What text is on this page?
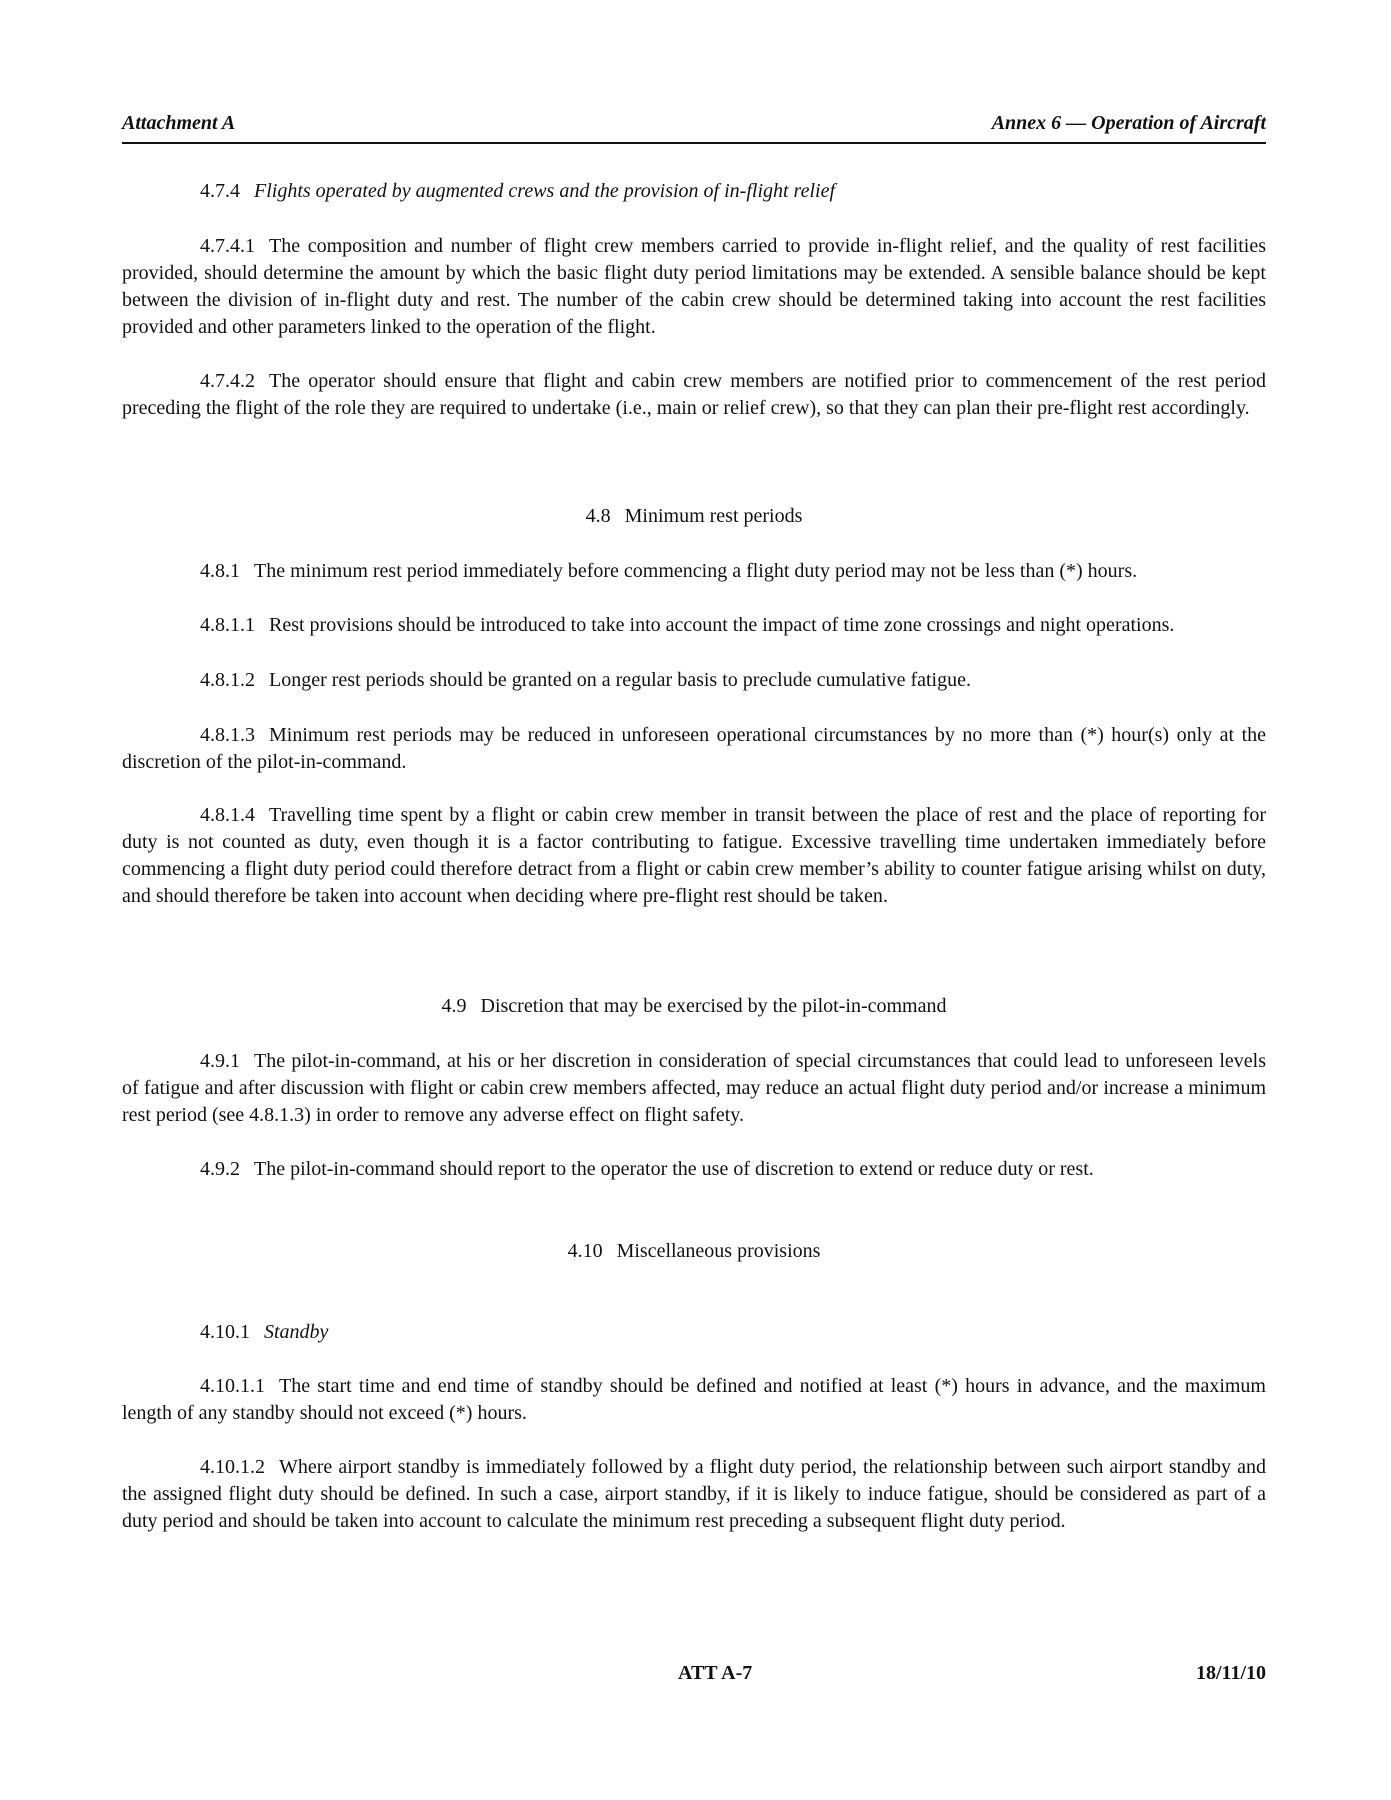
Attachment A	Annex 6 — Operation of Aircraft
4.7.4 Flights operated by augmented crews and the provision of in-flight relief
4.7.4.1 The composition and number of flight crew members carried to provide in-flight relief, and the quality of rest facilities provided, should determine the amount by which the basic flight duty period limitations may be extended. A sensible balance should be kept between the division of in-flight duty and rest. The number of the cabin crew should be determined taking into account the rest facilities provided and other parameters linked to the operation of the flight.
4.7.4.2 The operator should ensure that flight and cabin crew members are notified prior to commencement of the rest period preceding the flight of the role they are required to undertake (i.e., main or relief crew), so that they can plan their pre-flight rest accordingly.
4.8 Minimum rest periods
4.8.1 The minimum rest period immediately before commencing a flight duty period may not be less than (*) hours.
4.8.1.1 Rest provisions should be introduced to take into account the impact of time zone crossings and night operations.
4.8.1.2 Longer rest periods should be granted on a regular basis to preclude cumulative fatigue.
4.8.1.3 Minimum rest periods may be reduced in unforeseen operational circumstances by no more than (*) hour(s) only at the discretion of the pilot-in-command.
4.8.1.4 Travelling time spent by a flight or cabin crew member in transit between the place of rest and the place of reporting for duty is not counted as duty, even though it is a factor contributing to fatigue. Excessive travelling time undertaken immediately before commencing a flight duty period could therefore detract from a flight or cabin crew member’s ability to counter fatigue arising whilst on duty, and should therefore be taken into account when deciding where pre-flight rest should be taken.
4.9 Discretion that may be exercised by the pilot-in-command
4.9.1 The pilot-in-command, at his or her discretion in consideration of special circumstances that could lead to unforeseen levels of fatigue and after discussion with flight or cabin crew members affected, may reduce an actual flight duty period and/or increase a minimum rest period (see 4.8.1.3) in order to remove any adverse effect on flight safety.
4.9.2 The pilot-in-command should report to the operator the use of discretion to extend or reduce duty or rest.
4.10 Miscellaneous provisions
4.10.1 Standby
4.10.1.1 The start time and end time of standby should be defined and notified at least (*) hours in advance, and the maximum length of any standby should not exceed (*) hours.
4.10.1.2 Where airport standby is immediately followed by a flight duty period, the relationship between such airport standby and the assigned flight duty should be defined. In such a case, airport standby, if it is likely to induce fatigue, should be considered as part of a duty period and should be taken into account to calculate the minimum rest preceding a subsequent flight duty period.
ATT A-7	18/11/10
